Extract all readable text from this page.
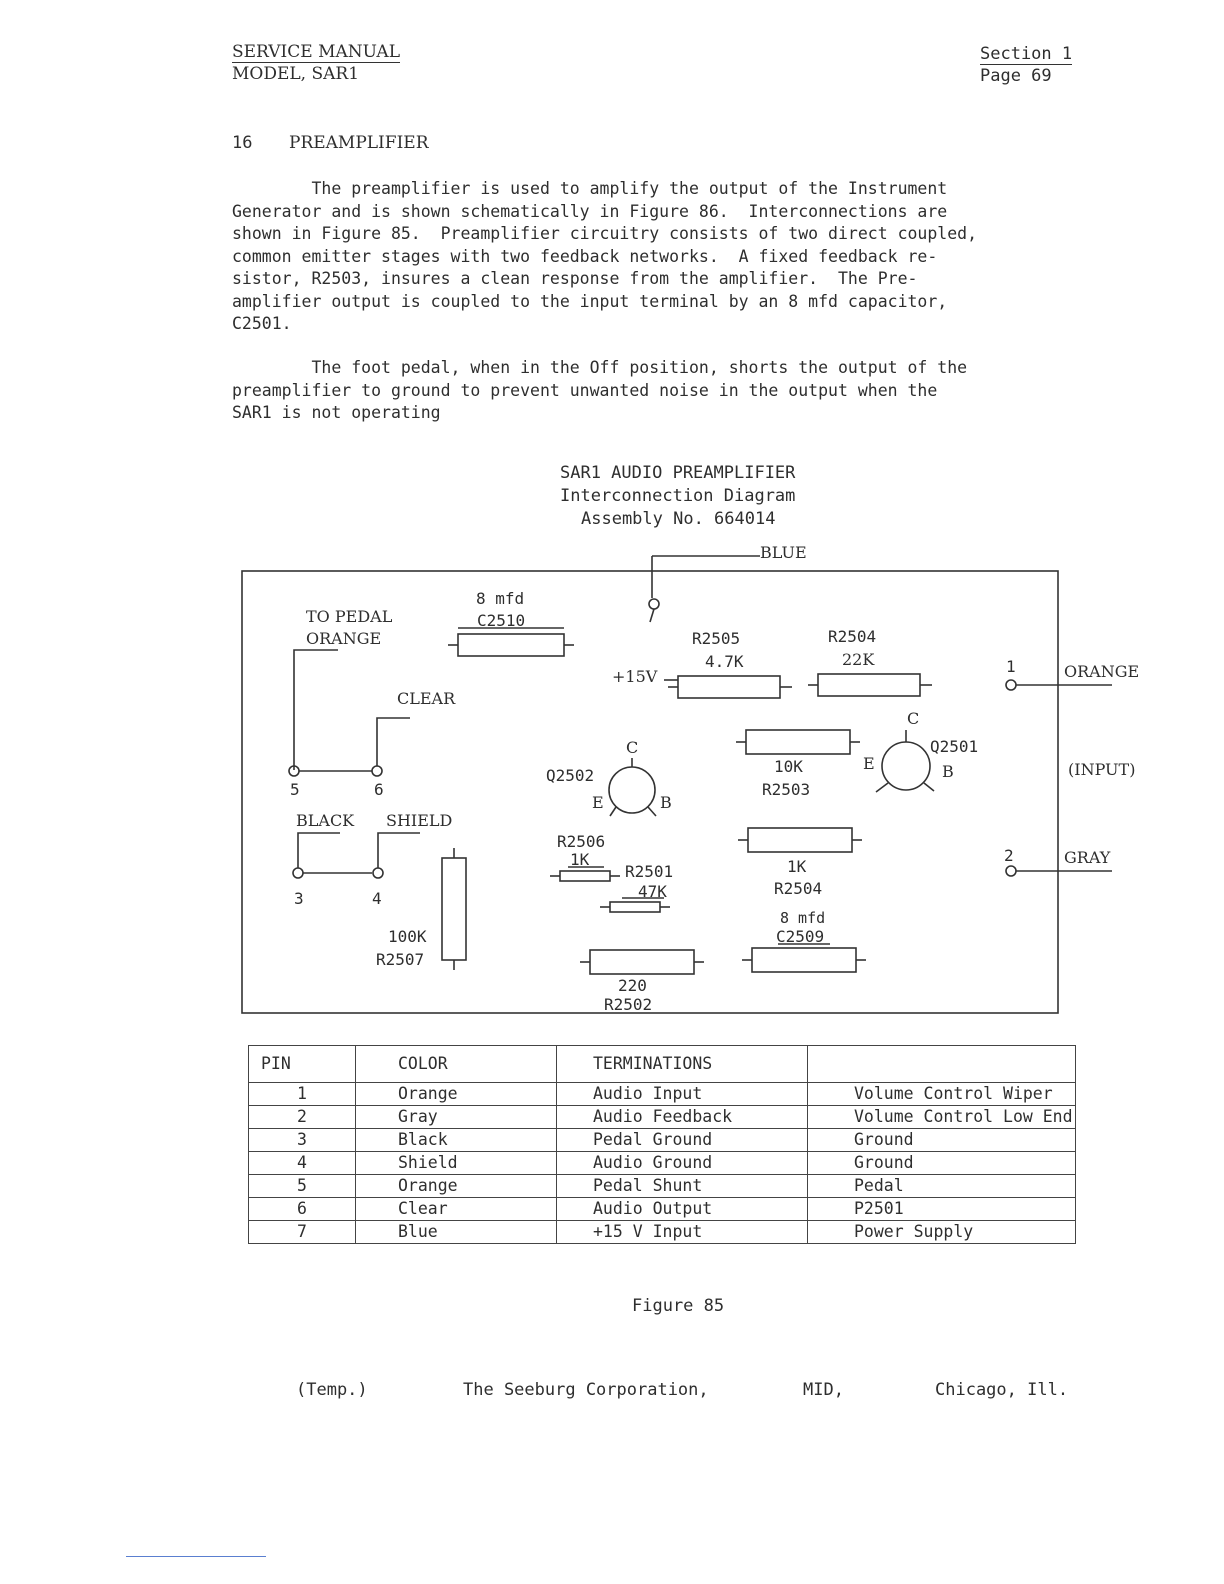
SERVICE MANUAL
MODEL, SAR1
Section 1
Page 69
16 PREAMPLIFIER

The preamplifier is used to amplify the output of the Instrument
Generator and is shown schematically in Figure 86.  Interconnections are
shown in Figure 85.  Preamplifier circuitry consists of two direct coupled,
common emitter stages with two feedback networks.  A fixed feedback re-
sistor, R2503, insures a clean response from the amplifier.  The Pre-
amplifier output is coupled to the input terminal by an 8 mfd capacitor,
C2501.

The foot pedal, when in the Off position, shorts the output of the
preamplifier to ground to prevent unwanted noise in the output when the
SAR1 is not operating

SAR1 AUDIO PREAMPLIFIER
Interconnection Diagram
Assembly No. 664014
BLUE
TO PEDAL
ORANGE
CLEAR
5	6
BLACK SHIELD
3	4
1
2
ORANGE
(INPUT)
GRAY
8 mfd
C2510
+15V
R2505
4.7K
R2504
22K
Q2502
C
E	B
10K
R2503
Q2501
C
E	B
R2506
1K
R2501
47K
1K
R2504
8 mfd
C2509
100K
R2507
220
R2502
PIN	COLOR	TERMINATIONS	
1	Orange	Audio Input	Volume Control Wiper
2	Gray	Audio Feedback	Volume Control Low End
3	Black	Pedal Ground	Ground
4	Shield	Audio Ground	Ground
5	Orange	Pedal Shunt	Pedal
6	Clear	Audio Output	P2501
7	Blue	+15 V Input	Power Supply
Figure 85
(Temp.)	The Seeburg Corporation,	MID,	Chicago, Ill.
